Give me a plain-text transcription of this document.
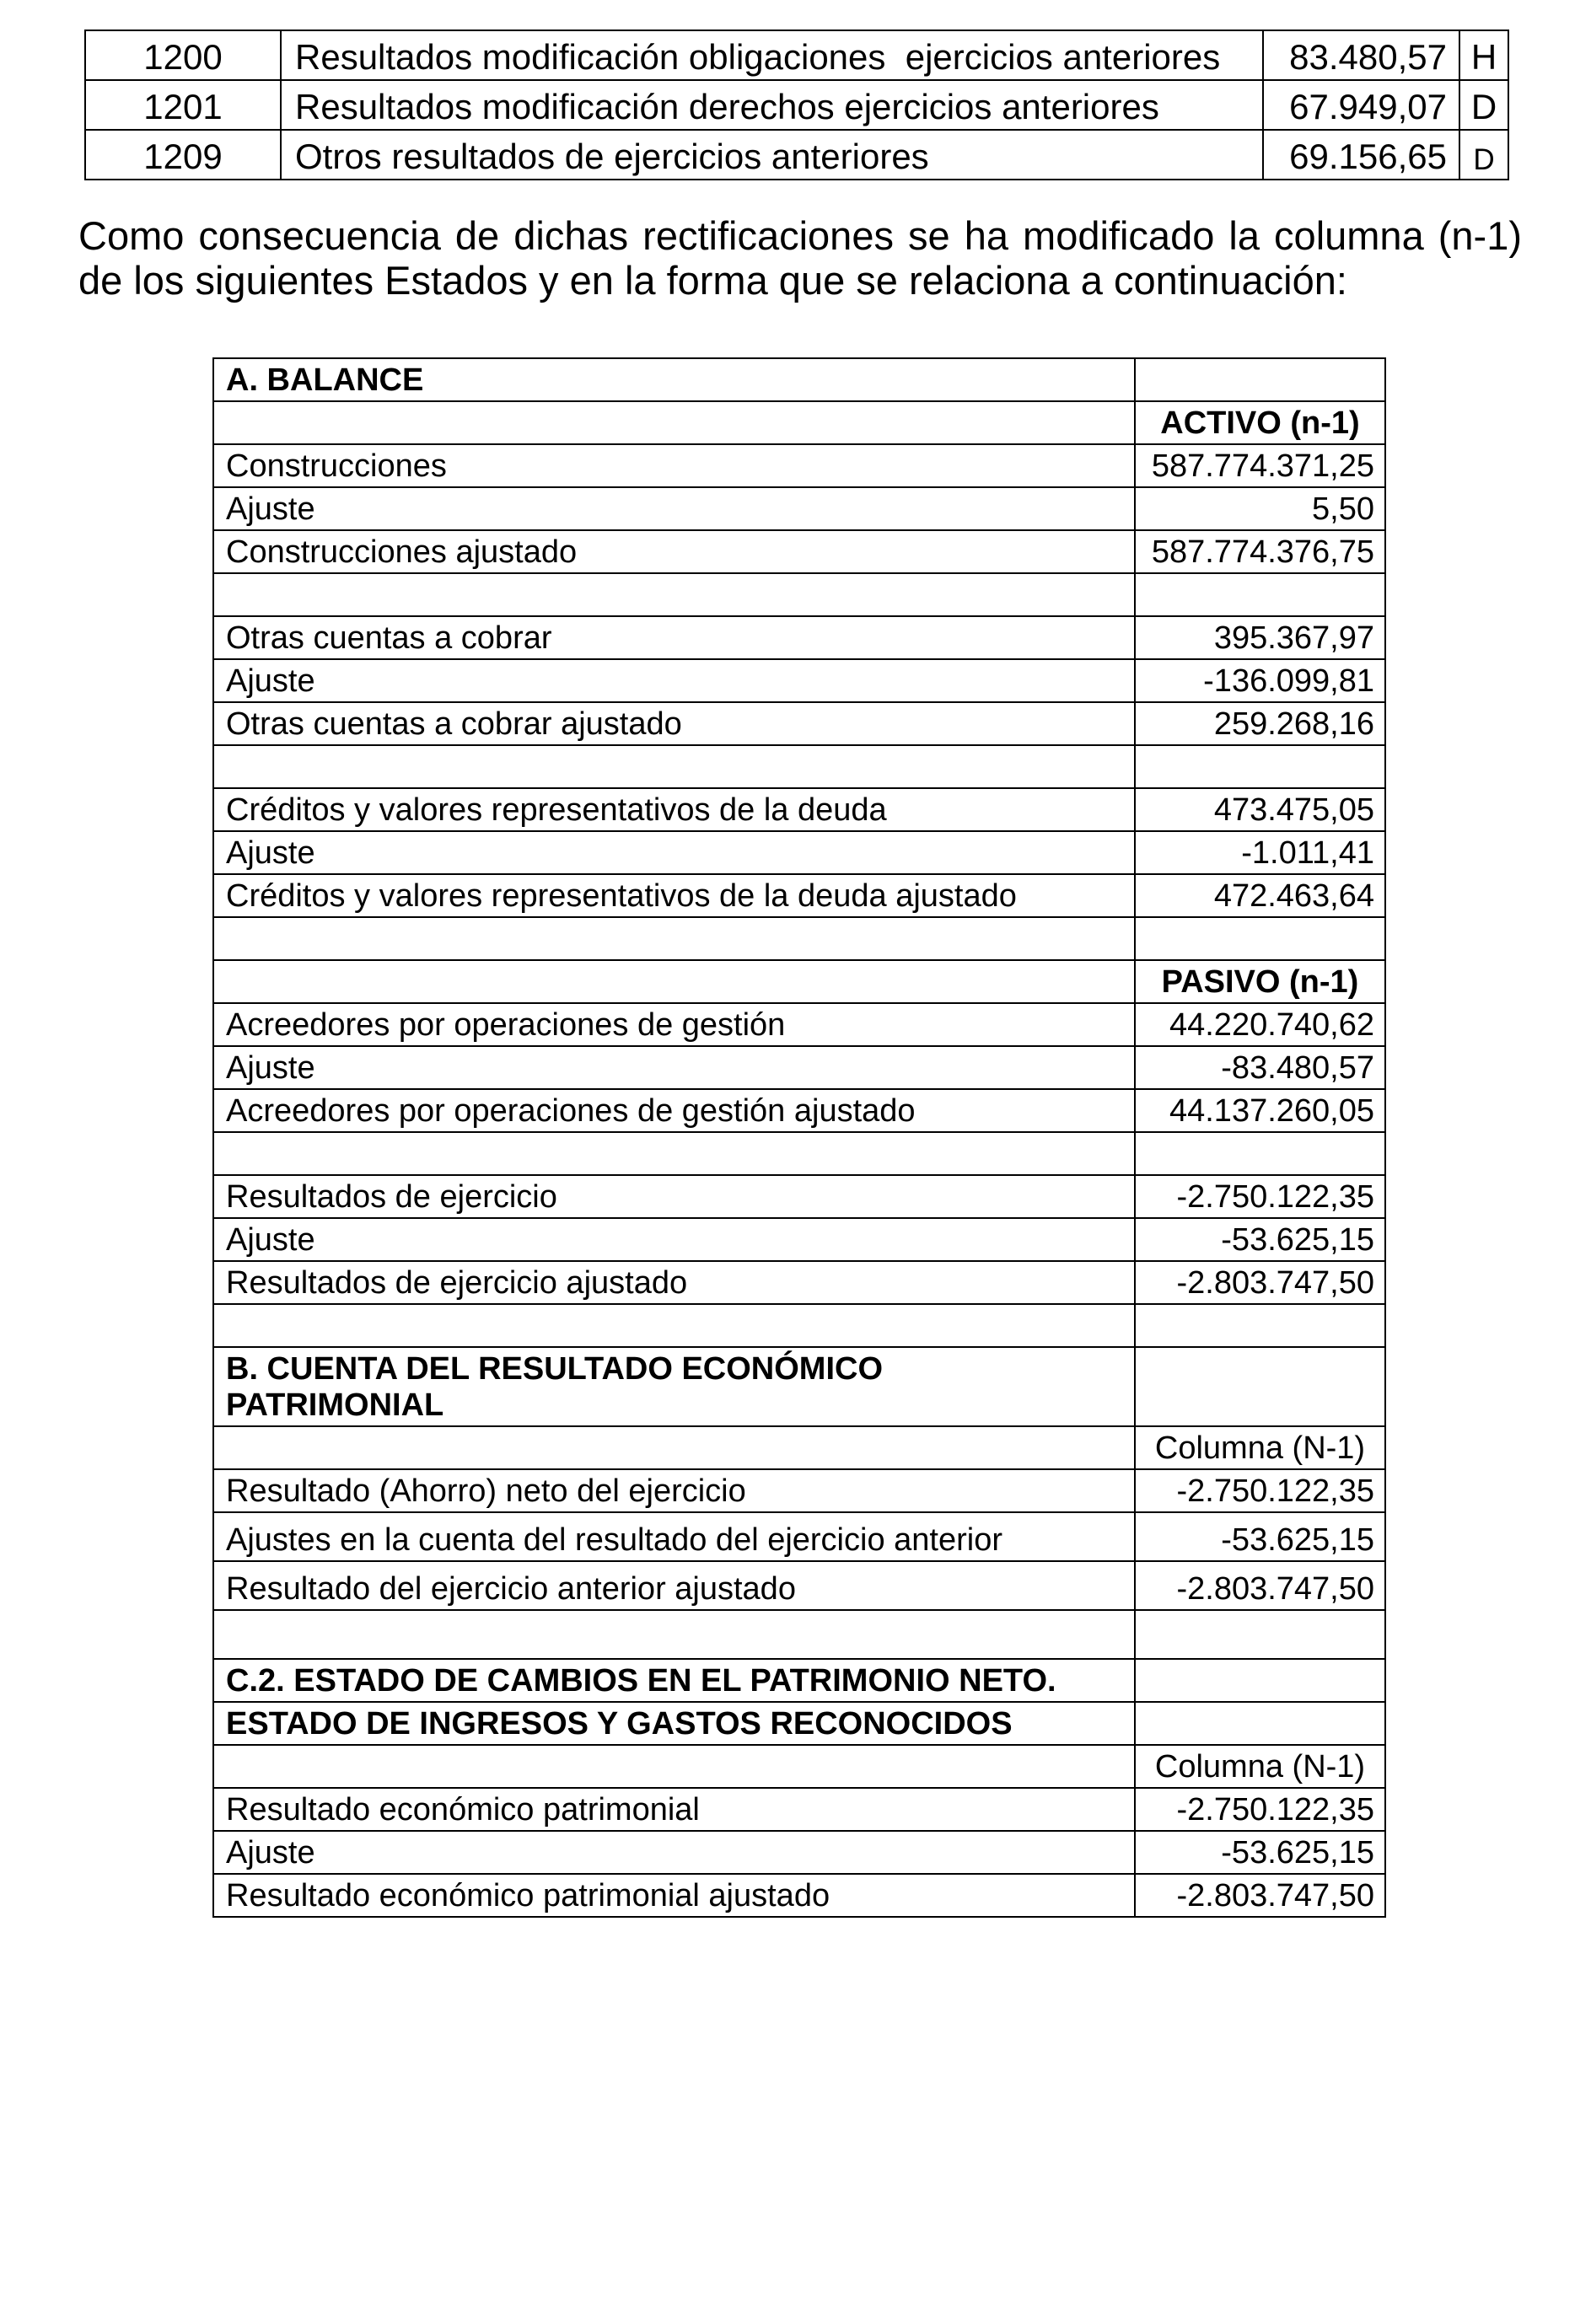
1200	Resultados modificación obligaciones  ejercicios anteriores	83.480,57	H
1201	Resultados modificación derechos ejercicios anteriores	67.949,07	D
1209	Otros resultados de ejercicios anteriores	69.156,65	D

Como consecuencia de dichas rectificaciones se ha modificado la columna (n-1)
de los siguientes Estados y en la forma que se relaciona a continuación:

A. BALANCE	
	ACTIVO (n-1)
Construcciones	587.774.371,25
Ajuste	5,50
Construcciones ajustado	587.774.376,75

Otras cuentas a cobrar	395.367,97
Ajuste	-136.099,81
Otras cuentas a cobrar ajustado	259.268,16

Créditos y valores representativos de la deuda	473.475,05
Ajuste	-1.011,41
Créditos y valores representativos de la deuda ajustado	472.463,64

	PASIVO (n-1)
Acreedores por operaciones de gestión	44.220.740,62
Ajuste	-83.480,57
Acreedores por operaciones de gestión ajustado	44.137.260,05

Resultados de ejercicio	-2.750.122,35
Ajuste	-53.625,15
Resultados de ejercicio ajustado	-2.803.747,50

B. CUENTA DEL RESULTADO ECONÓMICO PATRIMONIAL	

	Columna (N-1)
Resultado (Ahorro) neto del ejercicio	-2.750.122,35
Ajustes en la cuenta del resultado del ejercicio anterior	-53.625,15
Resultado del ejercicio anterior ajustado	-2.803.747,50

C.2. ESTADO DE CAMBIOS EN EL PATRIMONIO NETO.	
ESTADO DE INGRESOS Y GASTOS RECONOCIDOS	
	Columna (N-1)
Resultado económico patrimonial	-2.750.122,35
Ajuste	-53.625,15
Resultado económico patrimonial ajustado	-2.803.747,50
